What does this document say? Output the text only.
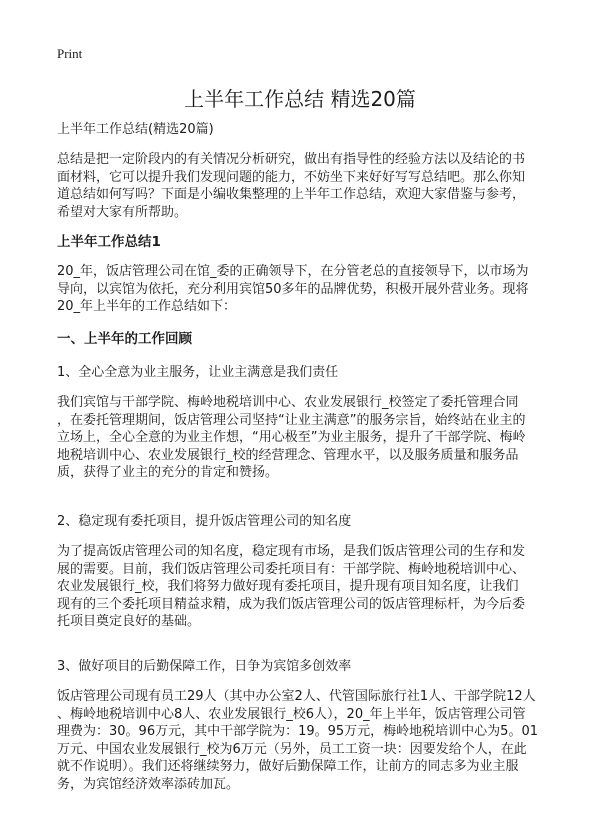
Print
上半年工作总结 精选20篇
上半年工作总结(精选20篇)
总结是把一定阶段内的有关情况分析研究，做出有指导性的经验方法以及结论的书
面材料，它可以提升我们发现问题的能力，不妨坐下来好好写写总结吧。那么你知
道总结如何写吗？下面是小编收集整理的上半年工作总结，欢迎大家借鉴与参考，
希望对大家有所帮助。
上半年工作总结1
20_年，饭店管理公司在馆_委的正确领导下，在分管老总的直接领导下，以市场为
导向，以宾馆为依托，充分利用宾馆50多年的品牌优势，积极开展外营业务。现将
20_年上半年的工作总结如下：
一、上半年的工作回顾
1、全心全意为业主服务，让业主满意是我们责任
我们宾馆与干部学院、梅岭地税培训中心、农业发展银行_校签定了委托管理合同
，在委托管理期间，饭店管理公司坚持“让业主满意”的服务宗旨，始终站在业主的
立场上，全心全意的为业主作想，“用心极至”为业主服务，提升了干部学院、梅岭
地税培训中心、农业发展银行_校的经营理念、管理水平，以及服务质量和服务品
质，获得了业主的充分的肯定和赞扬。
2、稳定现有委托项目，提升饭店管理公司的知名度
为了提高饭店管理公司的知名度，稳定现有市场，是我们饭店管理公司的生存和发
展的需要。目前，我们饭店管理公司委托项目有：干部学院、梅岭地税培训中心、
农业发展银行_校，我们将努力做好现有委托项目，提升现有项目知名度，让我们
现有的三个委托项目精益求精，成为我们饭店管理公司的饭店管理标杆，为今后委
托项目奠定良好的基础。
3、做好项目的后勤保障工作，日争为宾馆多创效率
饭店管理公司现有员工29人（其中办公室2人、代管国际旅行社1人、干部学院12人
、梅岭地税培训中心8人、农业发展银行_校6人），20_年上半年，饭店管理公司管
理费为：30。96万元，其中干部学院为：19。95万元，梅岭地税培训中心为5。01
万元、中国农业发展银行_校为6万元（另外，员工工资一块：因要发给个人，在此
就不作说明）。我们还将继续努力，做好后勤保障工作，让前方的同志多为业主服
务，为宾馆经济效率添砖加瓦。
